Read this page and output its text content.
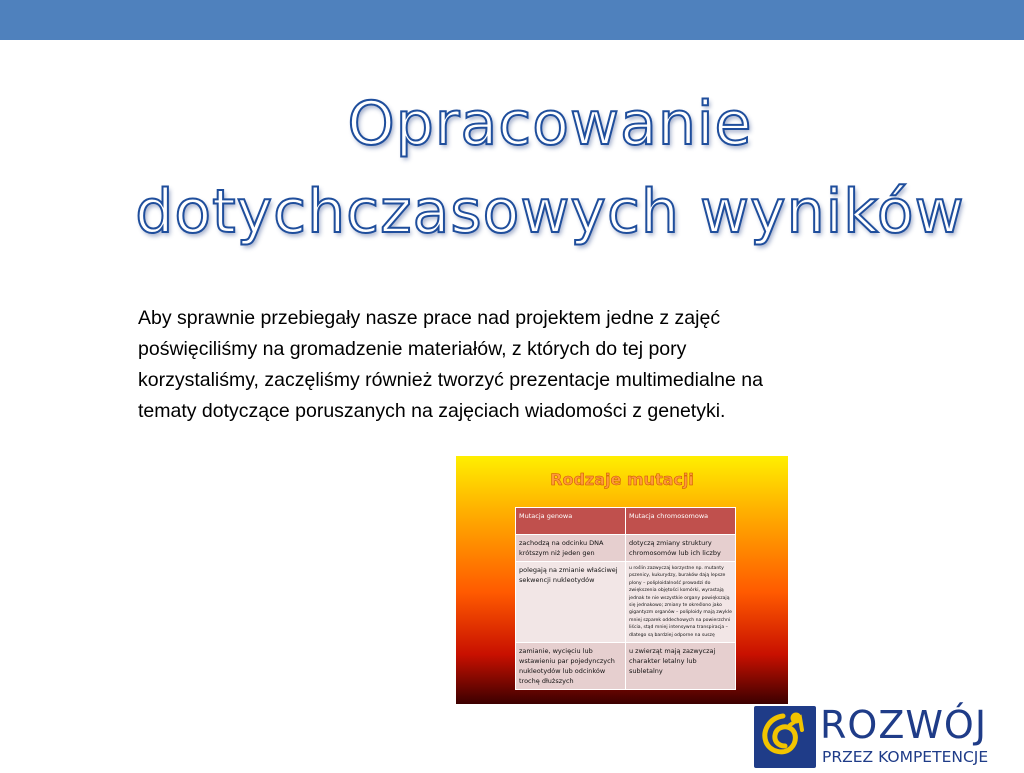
Opracowanie
dotychczasowych wyników
Aby sprawnie przebiegały nasze prace nad projektem jedne z zajęć poświęciliśmy na gromadzenie materiałów, z których do tej pory korzystaliśmy, zaczęliśmy również tworzyć prezentacje multimedialne na tematy dotyczące poruszanych na zajęciach wiadomości z genetyki.
Rodzaje mutacji
Mutacja genowa	Mutacja chromosomowa
zachodzą na odcinku DNA krótszym niż jeden gen	dotyczą zmiany struktury chromosomów lub ich liczby
polegają na zmianie właściwej sekwencji nukleotydów	u roślin zazwyczaj korzystne np. mutanty pszenicy, kukurydzy, buraków dają lepsze plony – poliploidalność prowadzi do zwiększenia objętości komórki, wyrastają jednak te nie wszystkie organy powiększają się jednakowo; zmiany te określono jako gigantyzm organów – poliploidy mają zwykle mniej szparek oddechowych na powierzchni liścia, stąd mniej intensywna transpiracja – dlatego są bardziej odporne na suszę
zamianie, wycięciu lub wstawieniu par pojedynczych nukleotydów lub odcinków trochę dłuższych	u zwierząt mają zazwyczaj charakter letalny lub subletalny
ROZWÓJ
PRZEZ KOMPETENCJE
